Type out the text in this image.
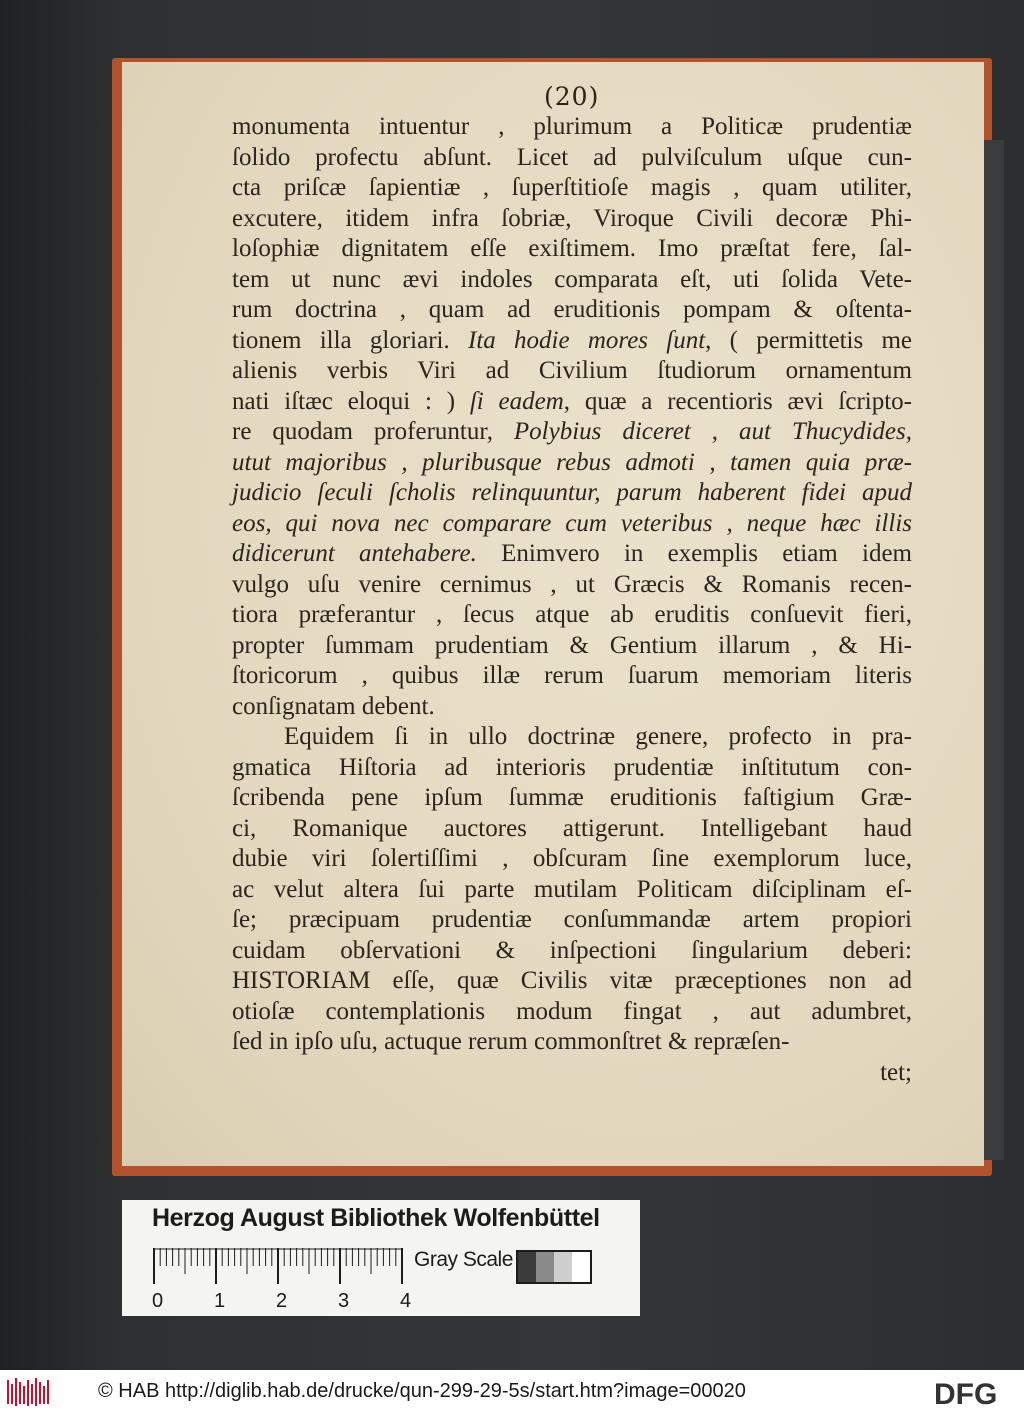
(20)
monumenta intuentur , plurimum a Politicæ prudentiæ
ſolido profectu abſunt. Licet ad pulviſculum uſque cun-
cta priſcæ ſapientiæ , ſuperſtitioſe magis , quam utiliter,
excutere, itidem infra ſobriæ, Viroque Civili decoræ Phi-
loſophiæ dignitatem eſſe exiſtimem. Imo præſtat fere, ſal-
tem ut nunc ævi indoles comparata eſt, uti ſolida Vete-
rum doctrina , quam ad eruditionis pompam & oſtenta-
tionem illa gloriari. Ita hodie mores ſunt, ( permittetis me
alienis verbis Viri ad Civilium ſtudiorum ornamentum
nati iſtæc eloqui : ) ſi eadem, quæ a recentioris ævi ſcripto-
re quodam proferuntur, Polybius diceret , aut Thucydides,
utut majoribus , pluribusque rebus admoti , tamen quia præ-
judicio ſeculi ſcholis relinquuntur, parum haberent fidei apud
eos, qui nova nec comparare cum veteribus , neque hæc illis
didicerunt antehabere. Enimvero in exemplis etiam idem
vulgo uſu venire cernimus , ut Græcis & Romanis recen-
tiora præferantur , ſecus atque ab eruditis conſuevit fieri,
propter ſummam prudentiam & Gentium illarum , & Hi-
ſtoricorum , quibus illæ rerum ſuarum memoriam literis
conſignatam debent.
Equidem ſi in ullo doctrinæ genere, profecto in pra-
gmatica Hiſtoria ad interioris prudentiæ inſtitutum con-
ſcribenda pene ipſum ſummæ eruditionis faſtigium Græ-
ci, Romanique auctores attigerunt. Intelligebant haud
dubie viri ſolertiſſimi , obſcuram ſine exemplorum luce,
ac velut altera ſui parte mutilam Politicam diſciplinam eſ-
ſe; præcipuam prudentiæ conſummandæ artem propiori
cuidam obſervationi & inſpectioni ſingularium deberi:
HISTORIAM eſſe, quæ Civilis vitæ præceptiones non ad
otioſæ contemplationis modum fingat , aut adumbret,
ſed in ipſo uſu, actuque rerum commonſtret & repræſen-
tet;
Herzog August Bibliothek Wolfenbüttel
0	1	2	3	4
Gray Scale
© HAB http://diglib.hab.de/drucke/qun-299-29-5s/start.htm?image=00020	DFG
